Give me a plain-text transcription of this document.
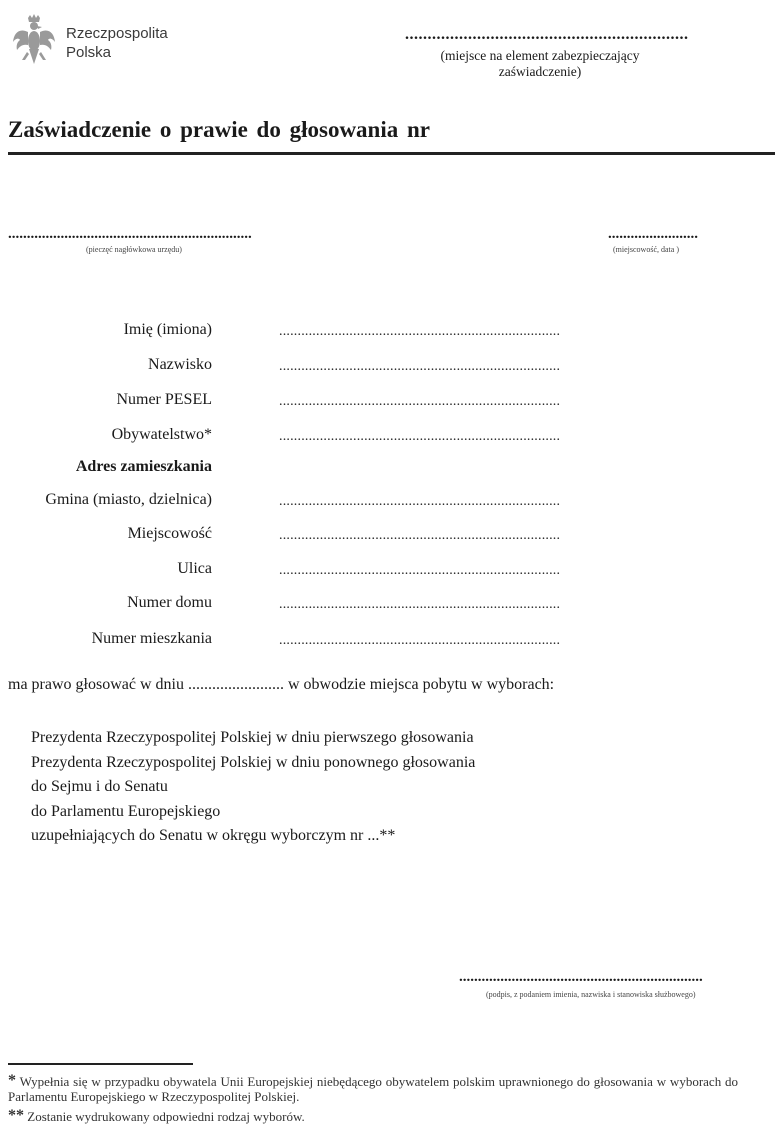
Rzeczpospolita
Polska
...............................................................
(miejsce na element zabezpieczający
zaświadczenie)
Zaświadczenie o prawie do głosowania nr
.................................................................
(pieczęć nagłówkowa urzędu)
........................
(miejscowość, data )
Imię (imiona)	............................................................................
Nazwisko	............................................................................
Numer PESEL	............................................................................
Obywatelstwo*	............................................................................
Adres zamieszkania
Gmina (miasto, dzielnica)	............................................................................
Miejscowość	............................................................................
Ulica	............................................................................
Numer domu	............................................................................
Numer mieszkania	............................................................................
ma prawo głosować w dniu ........................ w obwodzie miejsca pobytu w wyborach:
Prezydenta Rzeczypospolitej Polskiej w dniu pierwszego głosowania
Prezydenta Rzeczypospolitej Polskiej w dniu ponownego głosowania
do Sejmu i do Senatu
do Parlamentu Europejskiego
uzupełniających do Senatu w okręgu wyborczym nr ...**
.................................................................
(podpis, z podaniem imienia, nazwiska i stanowiska służbowego)
* Wypełnia się w przypadku obywatela Unii Europejskiej niebędącego obywatelem polskim uprawnionego do głosowania w wyborach do Parlamentu Europejskiego w Rzeczypospolitej Polskiej.
** Zostanie wydrukowany odpowiedni rodzaj wyborów.
